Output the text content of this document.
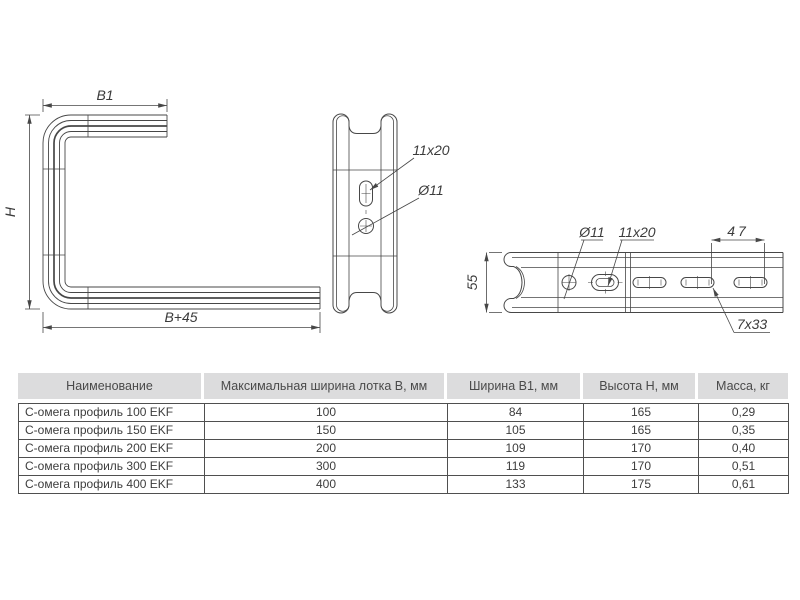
B1
H
B+45
11x20
Ø11
55
47
Ø11 11x20
7x33
Наименование	Максимальная ширина лотка B, мм	Ширина B1, мм	Высота H, мм	Масса, кг
С-омега профиль 100 EKF	100	84	165	0,29
С-омега профиль 150 EKF	150	105	165	0,35
С-омега профиль 200 EKF	200	109	170	0,40
С-омега профиль 300 EKF	300	119	170	0,51
С-омега профиль 400 EKF	400	133	175	0,61
